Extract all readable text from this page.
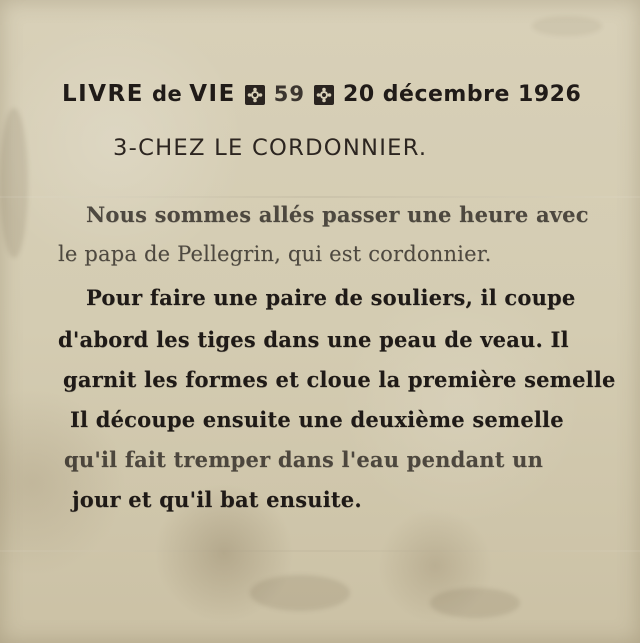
LIVRE de VIE 59 20 décembre 1926
3-CHEZ LE CORDONNIER.
Nous sommes allés passer une heure avec
le papa de Pellegrin, qui est cordonnier.
Pour faire une paire de souliers, il coupe
d'abord les tiges dans une peau de veau. Il
garnit les formes et cloue la première semelle
Il découpe ensuite une deuxième semelle
qu'il fait tremper dans l'eau pendant un
jour et qu'il bat ensuite.
